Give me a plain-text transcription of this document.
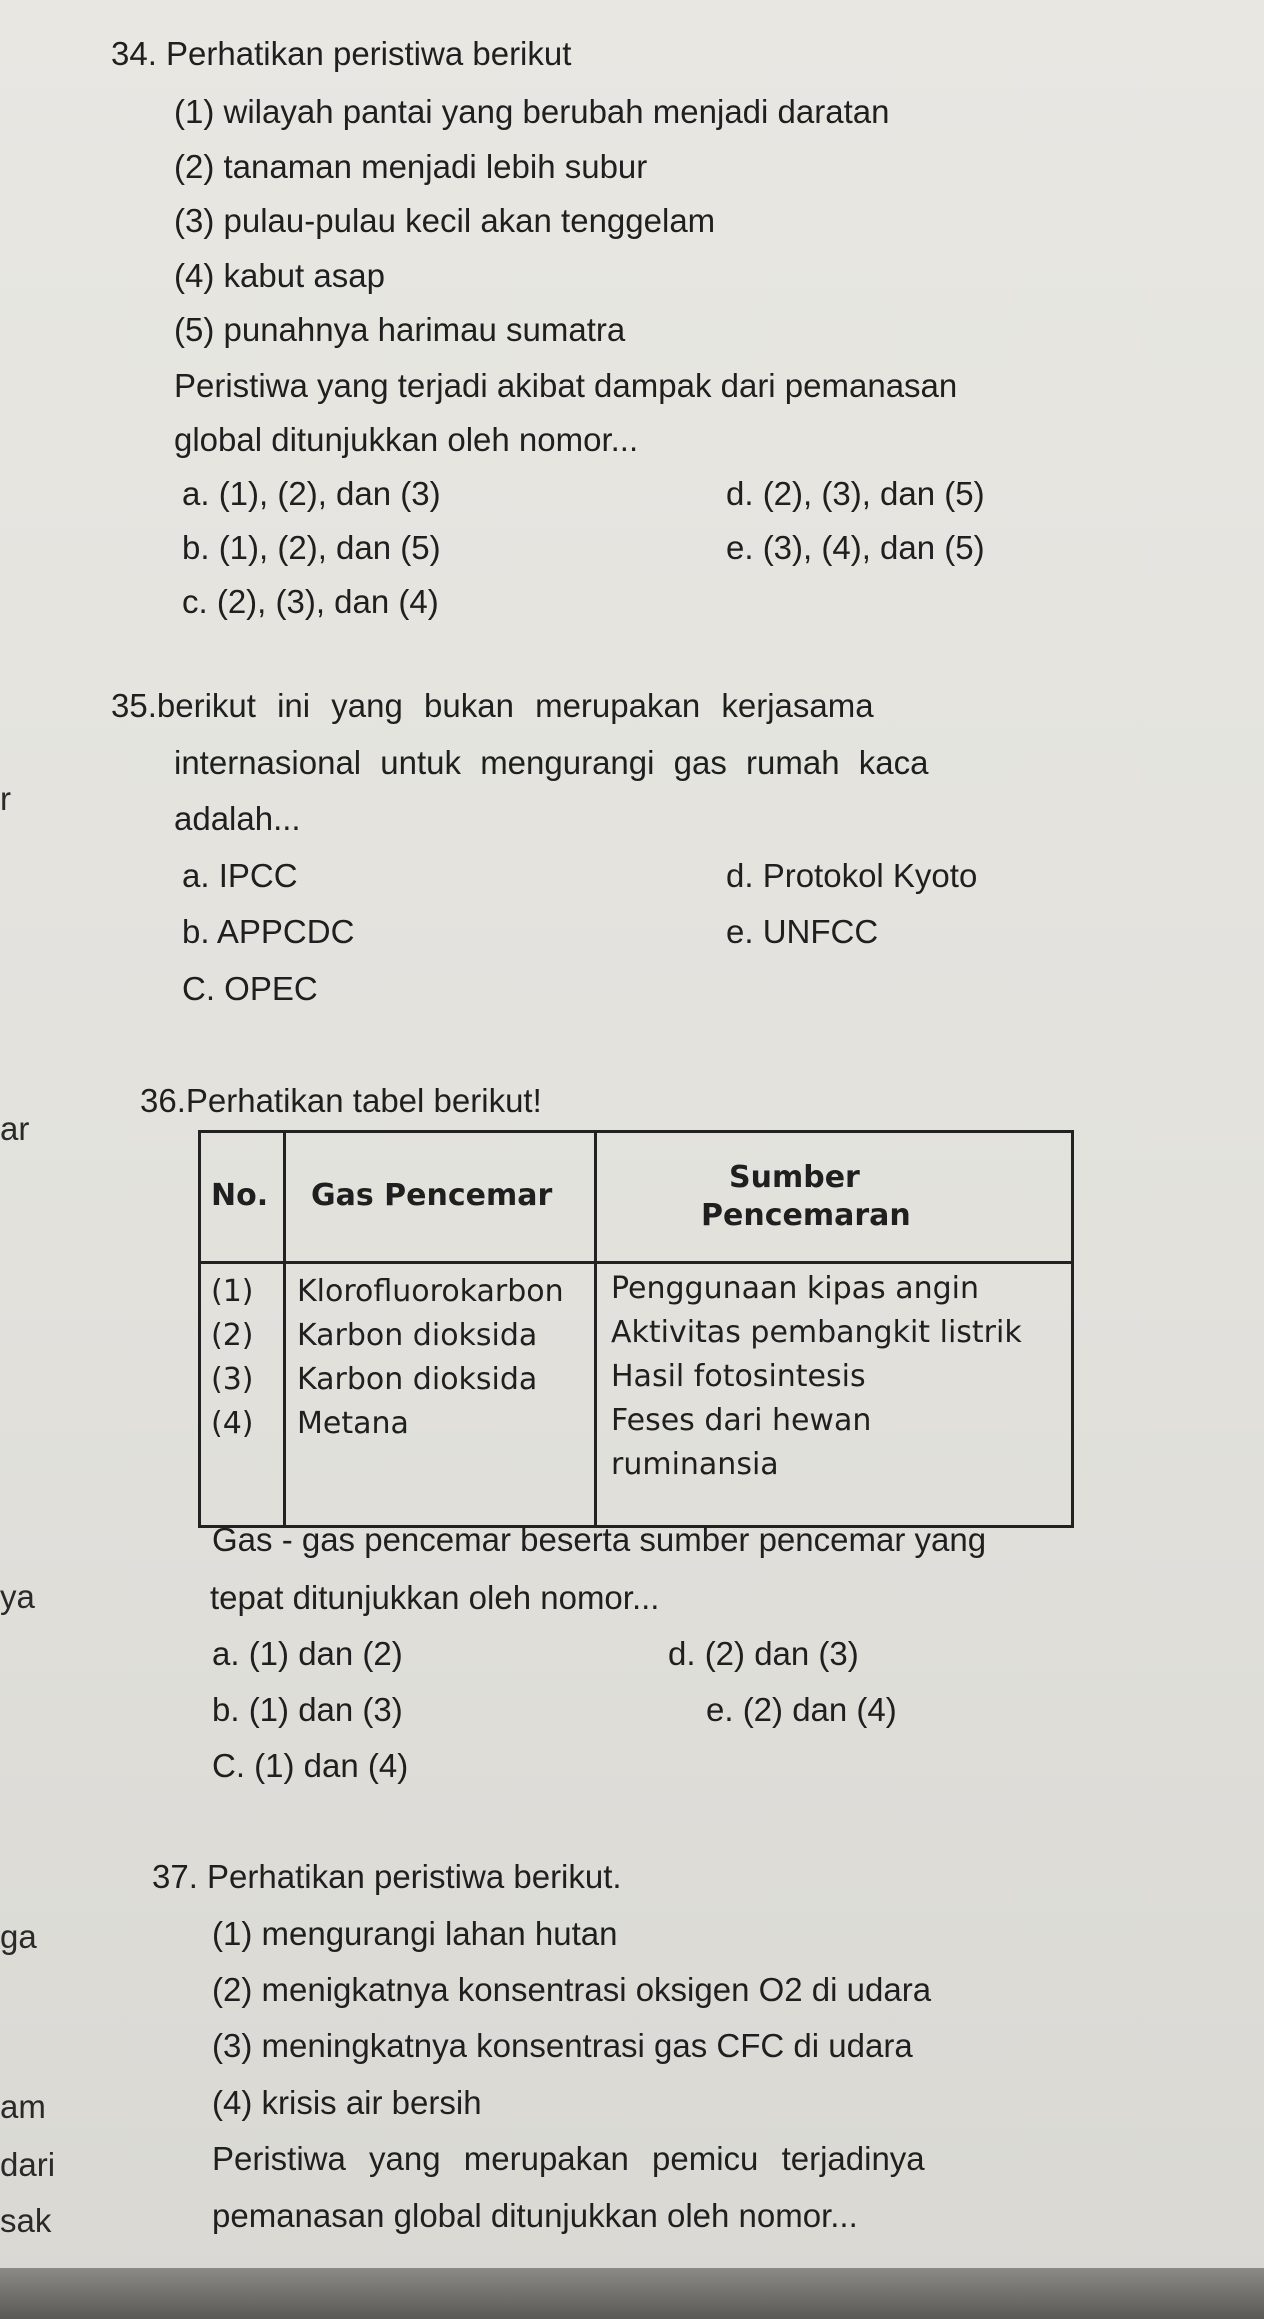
34. Perhatikan peristiwa berikut
(1) wilayah pantai yang berubah menjadi daratan
(2) tanaman menjadi lebih subur
(3) pulau-pulau kecil akan tenggelam
(4) kabut asap
(5) punahnya harimau sumatra
Peristiwa yang terjadi akibat dampak dari pemanasan
global ditunjukkan oleh nomor...
a. (1), (2), dan (3)
b. (1), (2), dan (5)
c. (2), (3), dan (4)
d. (2), (3), dan (5)
e. (3), (4), dan (5)
35.berikut ini yang bukan merupakan kerjasama
internasional untuk mengurangi gas rumah kaca
adalah...
a. IPCC
b. APPCDC
C. OPEC
d. Protokol Kyoto
e. UNFCC
36.Perhatikan tabel berikut!
No. Gas Pencemar
Sumber
Pencemaran
(1) Klorofluorokarbon Penggunaan kipas angin
(2) Karbon dioksida Aktivitas pembangkit listrik
(3) Karbon dioksida Hasil fotosintesis
(4) Metana	Feses dari hewan
ruminansia
Gas - gas pencemar beserta sumber pencemar yang
tepat ditunjukkan oleh nomor...
a. (1) dan (2)
b. (1) dan (3)
C. (1) dan (4)
d. (2) dan (3)
e. (2) dan (4)
37. Perhatikan peristiwa berikut.
(1) mengurangi lahan hutan
(2) menigkatnya konsentrasi oksigen O2 di udara
(3) meningkatnya konsentrasi gas CFC di udara
(4) krisis air bersih
Peristiwa yang merupakan pemicu terjadinya
pemanasan global ditunjukkan oleh nomor...
r
ar
ya
ga
am
dari
sak
